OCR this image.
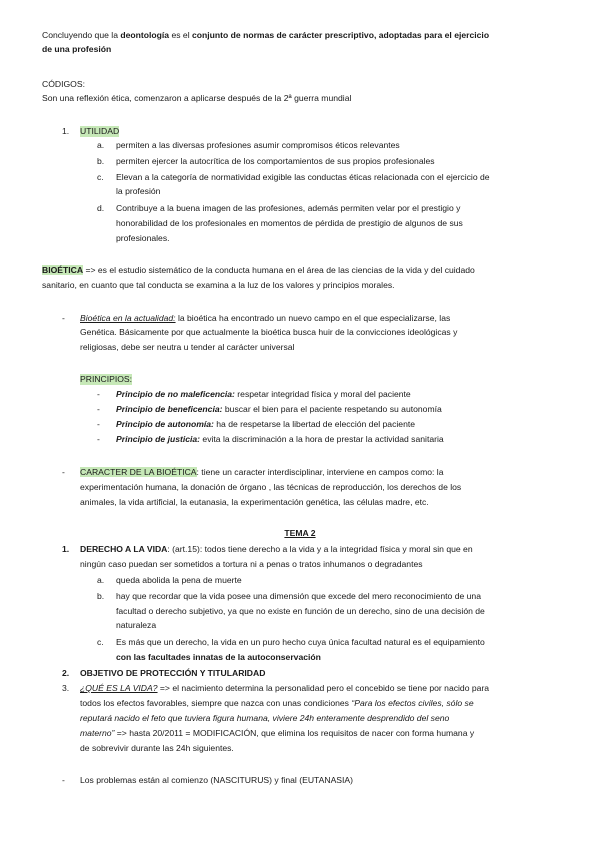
Concluyendo que la deontología es el conjunto de normas de carácter prescriptivo, adoptadas para el ejercicio
de una profesión
CÓDIGOS:
Son una reflexión ética, comenzaron a aplicarse después de la 2ª guerra mundial
1. UTILIDAD
a. permiten a las diversas profesiones asumir compromisos éticos relevantes
b. permiten ejercer la autocrítica de los comportamientos de sus propios profesionales
c. Elevan a la categoría de normatividad exigible las conductas éticas relacionada con el ejercicio de
la profesión
d. Contribuye a la buena imagen de las profesiones, además permiten velar por el prestigio y
honorabilidad de los profesionales en momentos de pérdida de prestigio de algunos de sus
profesionales.
BIOÉTICA => es el estudio sistemático de la conducta humana en el área de las ciencias de la vida y del cuidado
sanitario, en cuanto que tal conducta se examina a la luz de los valores y principios morales.
- Bioética en la actualidad: la bioética ha encontrado un nuevo campo en el que especializarse, las
Genética. Básicamente por que actualmente la bioética busca huir de la convicciones ideológicas y
religiosas, debe ser neutra u tender al carácter universal
PRINCIPIOS:
- Principio de no maleficencia: respetar integridad física y moral del paciente
- Principio de beneficencia: buscar el bien para el paciente respetando su autonomía
- Principio de autonomía: ha de respetarse la libertad de elección del paciente
- Principio de justicia: evita la discriminación a la hora de prestar la actividad sanitaria
- CARACTER DE LA BIOÉTICA: tiene un caracter interdisciplinar, interviene en campos como: la
experimentación humana, la donación de órgano , las técnicas de reproducción, los derechos de los
animales, la vida artificial, la eutanasia, la experimentación genética, las células madre, etc.
TEMA 2
1. DERECHO A LA VIDA: (art.15): todos tiene derecho a la vida y a la integridad física y moral sin que en
ningún caso puedan ser sometidos a tortura ni a penas o tratos inhumanos o degradantes
a. queda abolida la pena de muerte
b. hay que recordar que la vida posee una dimensión que excede del mero reconocimiento de una
facultad o derecho subjetivo, ya que no existe en función de un derecho, sino de una decisión de
naturaleza
c. Es más que un derecho, la vida en un puro hecho cuya única facultad natural es el equipamiento
con las facultades innatas de la autoconservación
2. OBJETIVO DE PROTECCIÓN Y TITULARIDAD
3. ¿QUÉ ES LA VIDA? => el nacimiento determina la personalidad pero el concebido se tiene por nacido para
todos los efectos favorables, siempre que nazca con unas condiciones “Para los efectos civiles, sólo se
reputará nacido el feto que tuviera figura humana, viviere 24h enteramente desprendido del seno
materno” => hasta 20/2011 = MODIFICACIÓN, que elimina los requisitos de nacer con forma humana y
de sobrevivir durante las 24h siguientes.
- Los problemas están al comienzo (NASCITURUS) y final (EUTANASIA)
